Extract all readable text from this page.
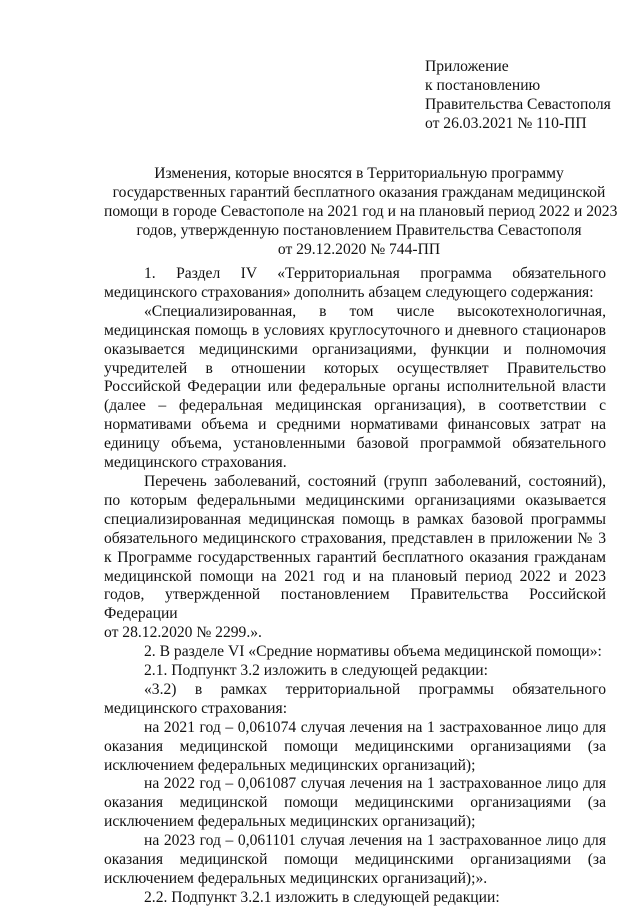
Приложение
к постановлению
Правительства Севастополя
от 26.03.2021 № 110-ПП
Изменения, которые вносятся в Территориальную программу
государственных гарантий бесплатного оказания гражданам медицинской
помощи в городе Севастополе на 2021 год и на плановый период 2022 и 2023
годов, утвержденную постановлением Правительства Севастополя
от 29.12.2020 № 744-ПП

1. Раздел IV «Территориальная программа обязательного медицинского страхования» дополнить абзацем следующего содержания:

«Специализированная, в том числе высокотехнологичная, медицинская помощь в условиях круглосуточного и дневного стационаров оказывается медицинскими организациями, функции и полномочия учредителей в отношении которых осуществляет Правительство Российской Федерации или федеральные органы исполнительной власти (далее – федеральная медицинская организация), в соответствии с нормативами объема и средними нормативами финансовых затрат на единицу объема, установленными базовой программой обязательного медицинского страхования.

Перечень заболеваний, состояний (групп заболеваний, состояний), по которым федеральными медицинскими организациями оказывается специализированная медицинская помощь в рамках базовой программы обязательного медицинского страхования, представлен в приложении № 3 к Программе государственных гарантий бесплатного оказания гражданам медицинской помощи на 2021 год и на плановый период 2022 и 2023 годов, утвержденной постановлением Правительства Российской Федерации

от 28.12.2020 № 2299.».

2. В разделе VI «Средние нормативы объема медицинской помощи»:

2.1. Подпункт 3.2 изложить в следующей редакции:

«3.2) в рамках территориальной программы обязательного медицинского страхования:

на 2021 год – 0,061074 случая лечения на 1 застрахованное лицо для оказания медицинской помощи медицинскими организациями (за исключением федеральных медицинских организаций);

на 2022 год – 0,061087 случая лечения на 1 застрахованное лицо для оказания медицинской помощи медицинскими организациями (за исключением федеральных медицинских организаций);

на 2023 год – 0,061101 случая лечения на 1 застрахованное лицо для оказания медицинской помощи медицинскими организациями (за исключением федеральных медицинских организаций);».

2.2. Подпункт 3.2.1 изложить в следующей редакции:
